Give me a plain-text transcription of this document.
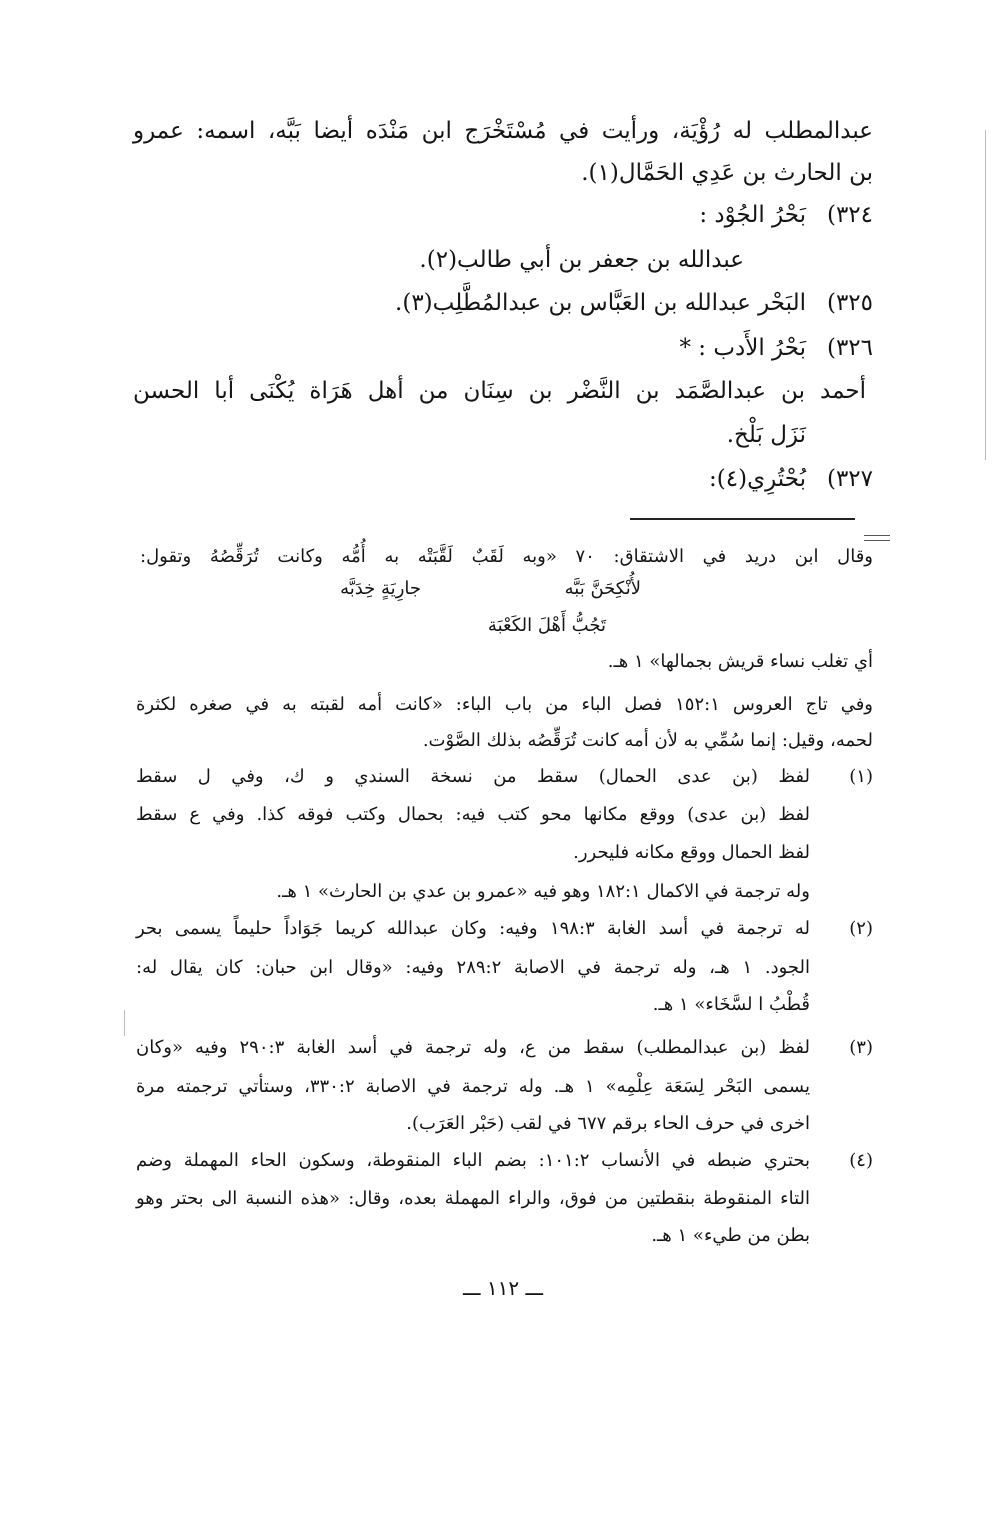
عبدالمطلب له رُؤْيَة، ورأيت في مُسْتَخْرَج ابن مَنْدَه أيضا بَبَّه، اسمه: عمرو
بن الحارث بن عَدِي الحَمَّال(١).
٣٢٤)
بَحْرُ الجُوْد :
عبدالله بن جعفر بن أبي طالب(٢).
٣٢٥)
البَحْر عبدالله بن العَبَّاس بن عبدالمُطَّلِب(٣).
٣٢٦)
بَحْرُ الأَدب : *
أحمد بن عبدالصَّمَد بن النَّضْر بن سِنَان من أهل هَرَاة يُكْنَى أبا الحسن
نَزَل بَلْخ.
٣٢٧)
بُحْتُرِي(٤):
وقال ابن دريد في الاشتقاق: ٧٠ «وبه لَقَبٌ لَقَّبَتْه به أُمُّه وكانت تُرَقِّصُهُ وتقول:
لأُنْكِحَنَّ بَبَّه
جارِيَةٍ خِدَبَّه
تَجُبُّ أَهْلَ الكَعْبَة
أي تغلب نساء قريش بجمالها» ١ هـ.
وفي تاج العروس ١٥٢:١ فصل الباء من باب الباء: «كانت أمه لقبته به في صغره لكثرة
لحمه، وقيل: إنما سُمِّي به لأن أمه كانت تُرَقِّصُه بذلك الصَّوْت.
(١)
لفظ (بن عدى الحمال) سقط من نسخة السندي و ك، وفي ل سقط
لفظ (بن عدى) ووقع مكانها محو كتب فيه: بحمال وكتب فوقه كذا. وفي ع سقط
لفظ الحمال ووقع مكانه فليحرر.
وله ترجمة في الاكمال ١٨٢:١ وهو فيه «عمرو بن عدي بن الحارث» ١ هـ.
(٢)
له ترجمة في أسد الغابة ١٩٨:٣ وفيه: وكان عبدالله كريما جَوَاداً حليماً يسمى بحر
الجود. ١ هـ، وله ترجمة في الاصابة ٢٨٩:٢ وفيه: «وقال ابن حبان: كان يقال له:
قُطْبُ ا لسَّخَاء» ١ هـ.
(٣)
لفظ (بن عبدالمطلب) سقط من ع، وله ترجمة في أسد الغابة ٢٩٠:٣ وفيه «وكان
يسمى البَحْر لِسَعَة عِلْمِه» ١ هـ. وله ترجمة في الاصابة ٣٣٠:٢، وستأتي ترجمته مرة
اخرى في حرف الحاء برقم ٦٧٧ في لقب (حَبْر العَرَب).
(٤)
بحتري ضبطه في الأنساب ١٠١:٢: بضم الباء المنقوطة، وسكون الحاء المهملة وضم
التاء المنقوطة بنقطتين من فوق، والراء المهملة بعده، وقال: «هذه النسبة الى بحتر وهو
بطن من طيء» ١ هـ.
ـــ ١١٢ ـــ
